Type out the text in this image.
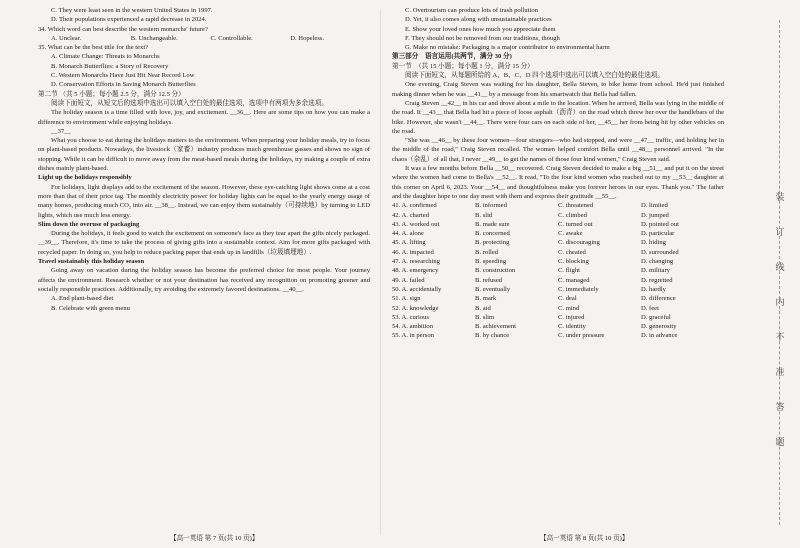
C. They were least seen in the western United States in 1997.

D. Their populations experienced a rapid decrease in 2024.

34. Which word can best describe the western monarchs' future?

A. Unclear.	B. Unchangeable.	C. Controllable.	D. Hopeless.

35. What can be the best title for the text?

A. Climate Change: Threats to Monarchs

B. Monarch Butterflies: a Story of Recovery

C. Western Monarchs Have Just Hit Near Record Low

D. Conservation Efforts in Saving Monarch Butterflies

第二节 （共 5 小题；每小题 2.5 分，满分 12.5 分）

阅读下面短文，从短文后的选项中选出可以填入空白处的最佳选项，选项中有两项为多余选项。

The holiday season is a time filled with love, joy, and excitement. __36__. Here are some tips on how you can make a difference to environment while enjoying holidays.

__37__

What you choose to eat during the holidays matters to the environment. When preparing your holiday meals, try to focus on plant-based products. Nowadays, the livestock（家畜）industry produces much greenhouse gasses and shows no sign of stopping. While it can be difficult to move away from the meat-based meals during the holidays, try making a couple of extra dishes mainly plant-based.

Light up the holidays responsibly

For holidays, light displays add to the excitement of the season. However, these eye-catching light shows come at a cost more than that of their price tag. The monthly electricity power for holiday lights can be equal to the yearly energy usage of many homes, producing much CO₂ into air. __38__. Instead, we can enjoy them sustainably（可持续地）by turning to LED lights, which use much less energy.

Slim down the overuse of packaging

During the holidays, it feels good to watch the excitement on someone's face as they tear apart the gifts nicely packaged. __39__. Therefore, it's time to take the process of giving gifts into a sustainable context. Aim for more gifts packaged with recycled paper. In doing so, you help to reduce packing paper that ends up in landfills（垃圾填埋地）.

Travel sustainably this holiday season

Going away on vacation during the holiday season has become the preferred choice for most people. Your journey affects the environment. Research whether or not your destination has received any recognition on promoting greener and socially responsible practices. Additionally, try avoiding the extremely favored destinations. __40__.

A. End plant-based diet

B. Celebrate with green menu

【高一英语 第 7 页(共 10 页)】

C. Overtourism can produce lots of trash pollution

D. Yet, it also comes along with unsustainable practices

E. Show your loved ones how much you appreciate them

F. They should not be removed from our traditions, though

G. Make no mistake: Packaging is a major contributor to environmental harm

第三部分　语言运用(共两节，满分 30 分)

第一节　（共 15 小题；每小题 1 分，满分 15 分）

阅读下面短文，从每题所给的 A、B、C、D 四个选项中选出可以填入空白处的最佳选项。

One evening, Craig Steven was waiting for his daughter, Bella Steven, to bike home from school. He'd just finished making dinner when he was __41__ by a message from his smartwatch that Bella had fallen.

Craig Steven __42__ in his car and drove about a mile to the location. When he arrived, Bella was lying in the middle of the road. It __43__ that Bella had hit a piece of loose asphalt（沥青）on the road which threw her over the handlebars of the bike. However, she wasn't __44__. There were four cars on each side of her, __45__ her from being hit by other vehicles on the road.

"She was __46__ by these four women—four strangers—who had stopped, and were __47__ traffic, and holding her in the middle of the road," Craig Steven recalled. The women helped comfort Bella until __48__ personnel arrived. "In the chaos（杂乱）of all that, I never __49__ to get the names of those four kind women," Craig Steven said.

It was a few months before Bella __50__ recovered. Craig Steven decided to make a big __51__ and put it on the street where the women had come to Bella's __52__. It read, "To the four kind women who reached out to my __53__ daughter at this corner on April 6, 2023. Your __54__ and thoughtfulness make you forever heroes in our eyes. Thank you." The father and the daughter hope to one day meet with them and express their gratitude __55__.

41. A. confirmed	B. informed	C. threatened	D. limited
42. A. charted	B. slid	C. climbed	D. jumped
43. A. worked out	B. made sure	C. turned out	D. pointed out
44. A. alone	B. concerned	C. awake	D. particular
45. A. lifting	B. protecting	C. discouraging	D. hiding
46. A. impacted	B. rolled	C. cheated	D. surrounded
47. A. researching	B. speeding	C. blocking	D. changing
48. A. emergency	B. construction	C. flight	D. military
49. A. failed	B. refused	C. managed	D. regretted
50. A. accidentally	B. eventually	C. immediately	D. hardly
51. A. sign	B. mark	C. deal	D. difference
52. A. knowledge	B. aid	C. mind	D. feet
53. A. curious	B. slim	C. injured	D. graceful
54. A. ambition	B. achievement	C. identity	D. generosity
55. A. in person	B. by chance	C. under pressure	D. in advance
【高一英语 第 8 页(共 10 页)】
装
订
线
内
不
准
答
题
